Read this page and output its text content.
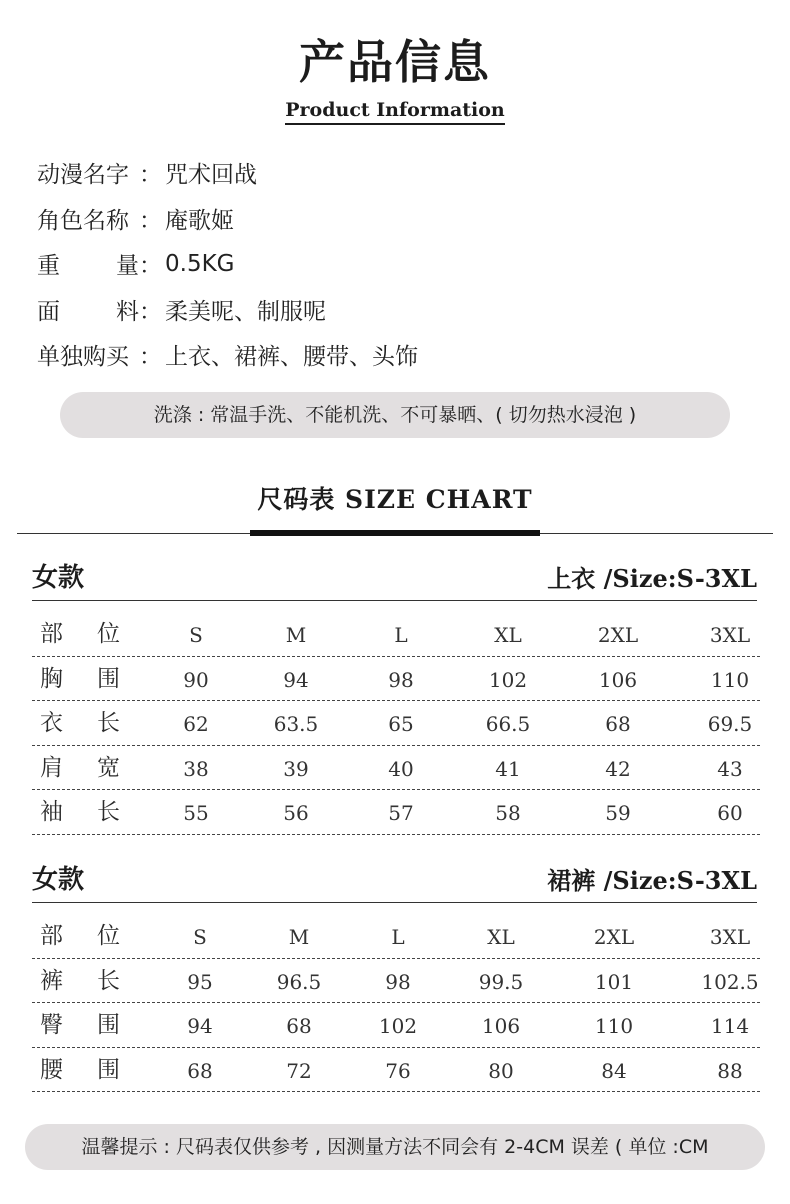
产品信息
Product Information
动漫名字 ： 咒术回战
角色名称 ： 庵歌姬
重 量 ： 0.5KG
面 料 ： 柔美呢、制服呢
单独购买 ： 上衣、裙裤、腰带、头饰
洗涤 : 常温手洗、不能机洗、不可暴晒、( 切勿热水浸泡 )
尺码表 SIZE CHART
女款	上衣 /Size:S-3XL
部 位	S	M	L	XL	2XL	3XL
胸 围	90	94	98	102	106	110
衣 长	62	63.5	65	66.5	68	69.5
肩 宽	38	39	40	41	42	43
袖 长	55	56	57	58	59	60
女款	裙裤 /Size:S-3XL
部 位	S	M	L	XL	2XL	3XL
裤 长	95	96.5	98	99.5	101	102.5
臀 围	94	68	102	106	110	114
腰 围	68	72	76	80	84	88
温馨提示 : 尺码表仅供参考 , 因测量方法不同会有 2-4CM 误差 ( 单位 :CM
